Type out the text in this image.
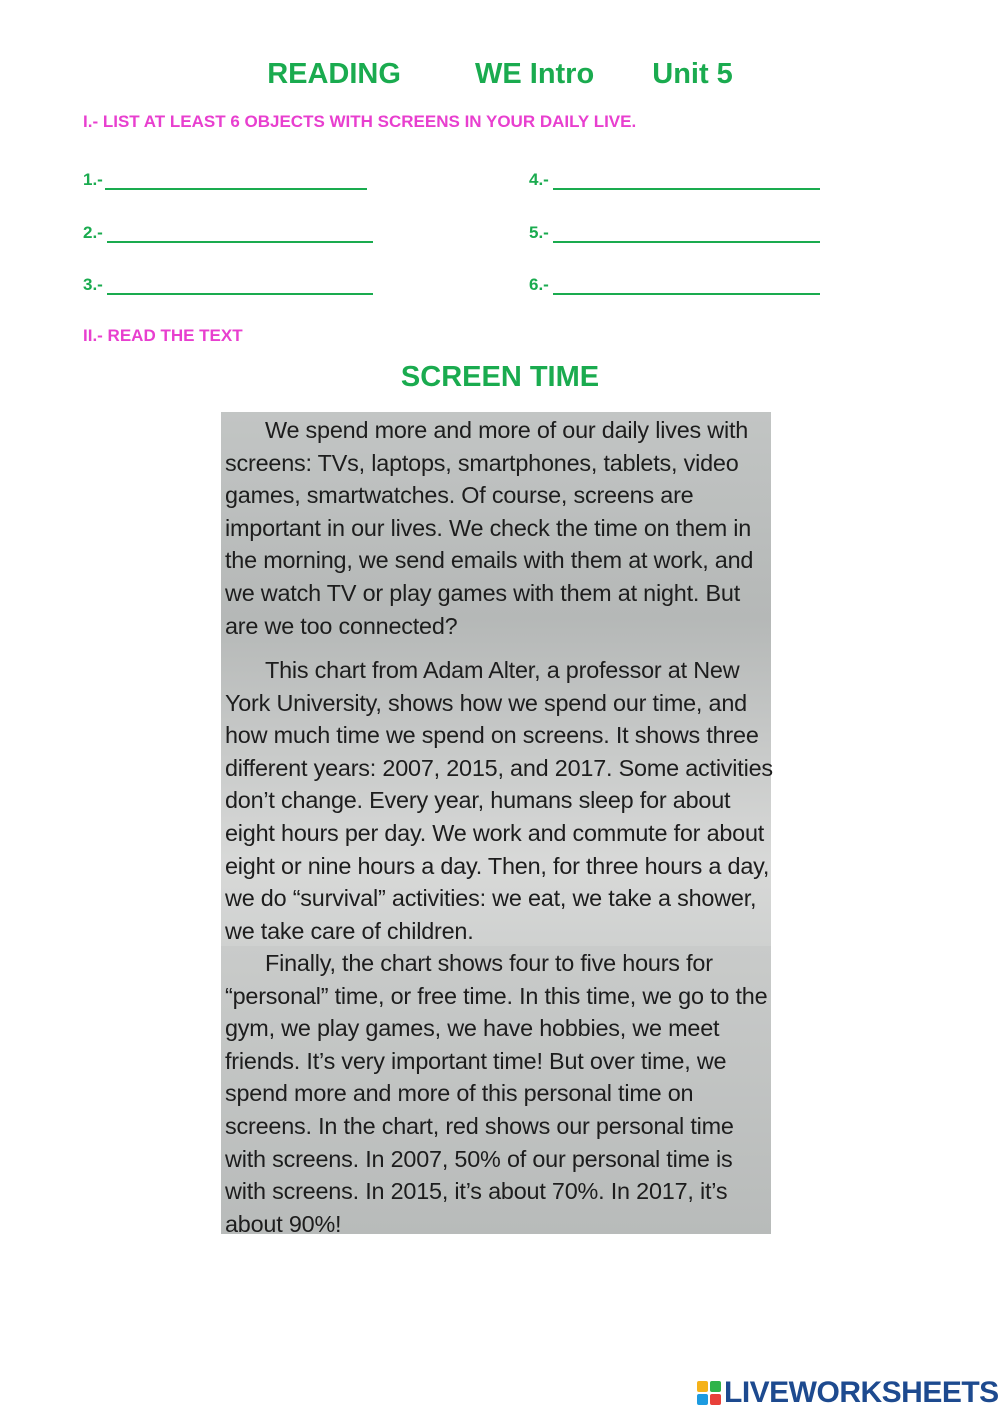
READING	WE Intro Unit 5
I.- LIST AT LEAST 6 OBJECTS WITH SCREENS IN YOUR DAILY LIVE.
1.-
2.-
3.-
4.-
5.-
6.-
II.- READ THE TEXT
SCREEN TIME
We spend more and more of our daily lives with screens: TVs, laptops, smartphones, tablets, video games, smartwatches. Of course, screens are important in our lives. We check the time on them in the morning, we send emails with them at work, and we watch TV or play games with them at night. But are we too connected?
This chart from Adam Alter, a professor at New York University, shows how we spend our time, and how much time we spend on screens. It shows three different years: 2007, 2015, and 2017. Some activities don’t change. Every year, humans sleep for about eight hours per day. We work and commute for about eight or nine hours a day. Then, for three hours a day, we do “survival” activities: we eat, we take a shower, we take care of children.
Finally, the chart shows four to five hours for “personal” time, or free time. In this time, we go to the gym, we play games, we have hobbies, we meet friends. It’s very important time! But over time, we spend more and more of this personal time on screens. In the chart, red shows our personal time with screens. In 2007, 50% of our personal time is with screens. In 2015, it’s about 70%. In 2017, it’s about 90%!
LIVEWORKSHEETS
